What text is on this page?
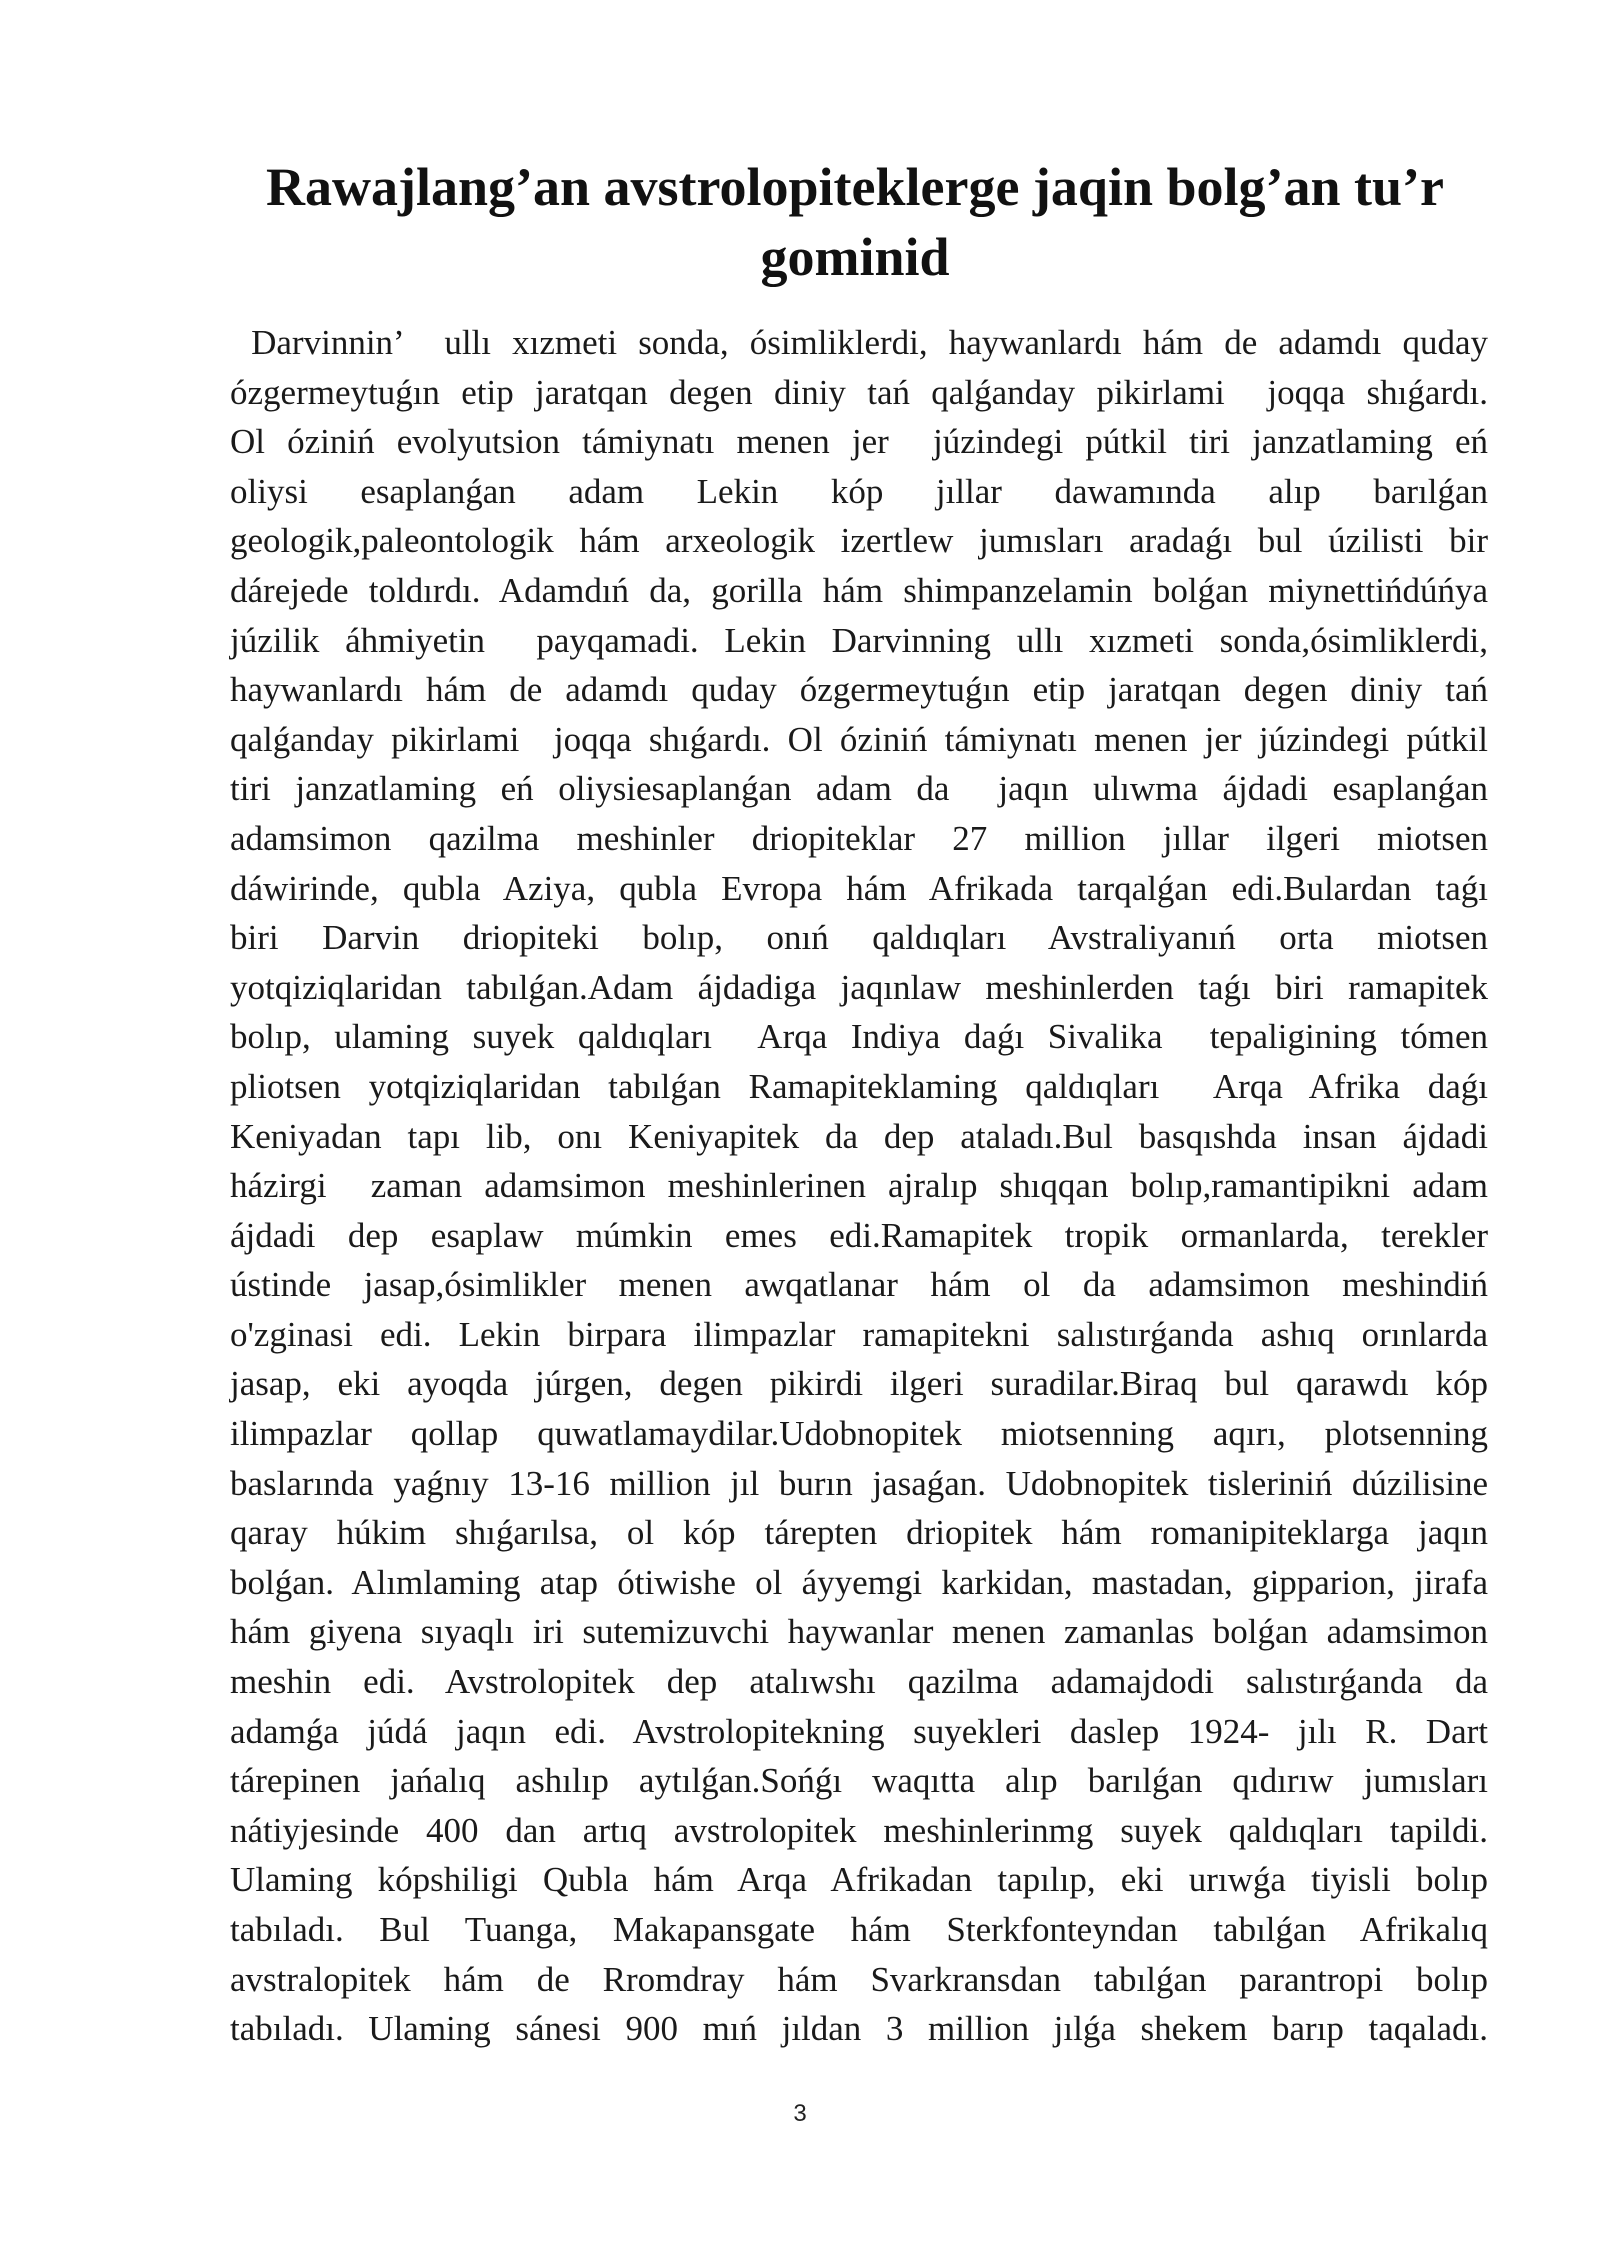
Rawajlang’an avstrolopiteklerge jaqin bolg’an tu’r
gominid
Darvinnin’  ullı xızmeti sonda, ósimliklerdi, haywanlardı hám de adamdı quday
ózgermeytuǵın etip jaratqan degen diniy tań qalǵanday pikirlami  joqqa shıǵardı.
Ol óziniń evolyutsion támiynatı menen jer  júzindegi pútkil tiri janzatlaming eń
oliysi esaplanǵan adam Lekin kóp jıllar dawamında alıp barılǵan
geologik,paleontologik hám arxeologik izertlew jumısları aradaǵı bul úzilisti bir
dárejede toldırdı. Adamdıń da, gorilla hám shimpanzelamin bolǵan miynettińdúńya
júzilik áhmiyetin  payqamadi. Lekin Darvinning ullı xızmeti sonda,ósimliklerdi,
haywanlardı hám de adamdı quday ózgermeytuǵın etip jaratqan degen diniy tań
qalǵanday pikirlami  joqqa shıǵardı. Ol óziniń támiynatı menen jer júzindegi pútkil
tiri janzatlaming eń oliysiesaplanǵan adam da  jaqın ulıwma ájdadi esaplanǵan
adamsimon qazilma meshinler driopiteklar 27 million jıllar ilgeri miotsen
dáwirinde, qubla Aziya, qubla Evropa hám Afrikada tarqalǵan edi.Bulardan taǵı
biri Darvin driopiteki bolıp, onıń qaldıqları Avstraliyanıń orta miotsen
yotqiziqlaridan tabılǵan.Adam ájdadiga jaqınlaw meshinlerden taǵı biri ramapitek
bolıp, ulaming suyek qaldıqları  Arqa Indiya daǵı Sivalika  tepaligining tómen
pliotsen yotqiziqlaridan tabılǵan Ramapiteklaming qaldıqları  Arqa Afrika daǵı
Keniyadan tapı lib, onı Keniyapitek da dep ataladı.Bul basqıshda insan ájdadi
házirgi  zaman adamsimon meshinlerinen ajralıp shıqqan bolıp,ramantipikni adam
ájdadi dep esaplaw múmkin emes edi.Ramapitek tropik ormanlarda, terekler
ústinde jasap,ósimlikler menen awqatlanar hám ol da adamsimon meshindiń
o'zginasi edi. Lekin birpara ilimpazlar ramapitekni salıstırǵanda ashıq orınlarda
jasap, eki ayoqda júrgen, degen pikirdi ilgeri suradilar.Biraq bul qarawdı kóp
ilimpazlar qollap quwatlamaydilar.Udobnopitek miotsenning aqırı, plotsenning
baslarında yaǵnıy 13-16 million jıl burın jasaǵan. Udobnopitek tisleriniń dúzilisine
qaray húkim shıǵarılsa, ol kóp tárepten driopitek hám romanipiteklarga jaqın
bolǵan. Alımlaming atap ótiwishe ol áyyemgi karkidan, mastadan, gipparion, jirafa
hám giyena sıyaqlı iri sutemizuvchi haywanlar menen zamanlas bolǵan adamsimon
meshin edi. Avstrolopitek dep atalıwshı qazilma adamajdodi salıstırǵanda da
adamǵa júdá jaqın edi. Avstrolopitekning suyekleri daslep 1924- jılı R. Dart
tárepinen jańalıq ashılıp aytılǵan.Sońǵı waqıtta alıp barılǵan qıdırıw jumısları
nátiyjesinde 400 dan artıq avstrolopitek meshinlerinmg suyek qaldıqları tapildi.
Ulaming kópshiligi Qubla hám Arqa Afrikadan tapılıp, eki urıwǵa tiyisli bolıp
tabıladı. Bul Tuanga, Makapansgate hám Sterkfonteyndan tabılǵan Afrikalıq
avstralopitek hám de Rromdray hám Svarkransdan tabılǵan parantropi bolıp
tabıladı. Ulaming sánesi 900 mıń jıldan 3 million jılǵa shekem barıp taqaladı.
3
